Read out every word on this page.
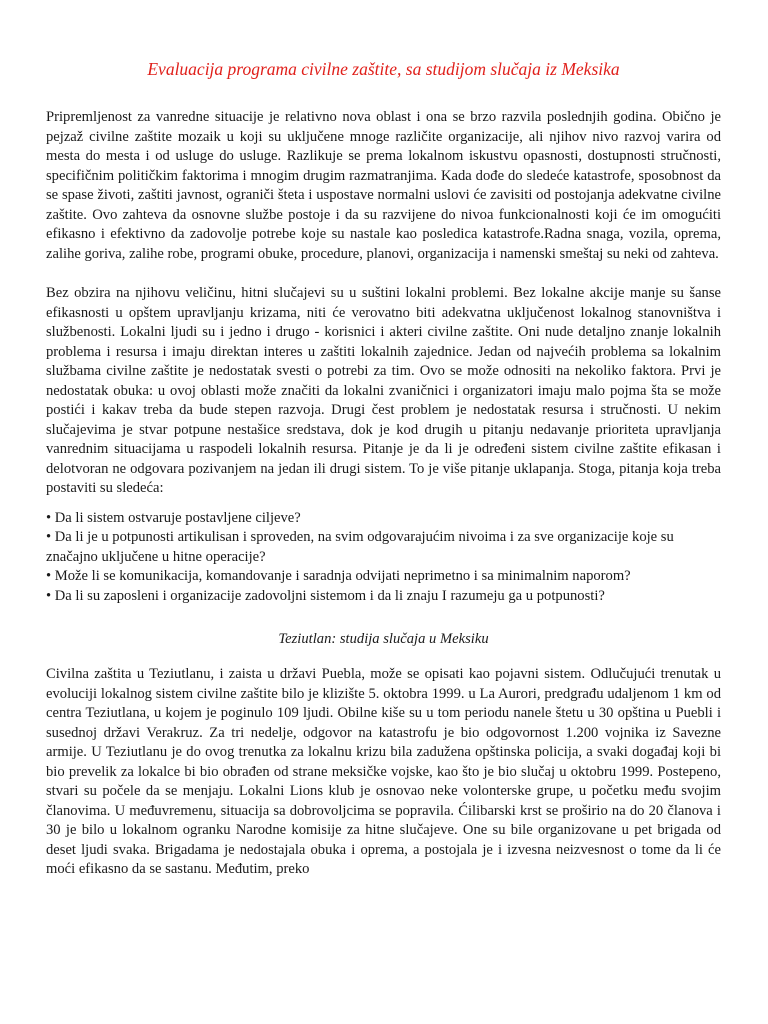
Evaluacija programa civilne zaštite, sa studijom slučaja iz Meksika

Pripremljenost za vanredne situacije je relativno nova oblast i ona se brzo razvila poslednjih godina. Obično je pejzaž civilne zaštite mozaik u koji su uključene mnoge različite organizacije, ali njihov nivo razvoj varira od mesta do mesta i od usluge do usluge. Razlikuje se prema lokalnom iskustvu opasnosti, dostupnosti stručnosti, specifičnim političkim faktorima i mnogim drugim razmatranjima. Kada dođe do sledeće katastrofe, sposobnost da se spase životi, zaštiti javnost, ograniči šteta i uspostave normalni uslovi će zavisiti od postojanja adekvatne civilne zaštite. Ovo zahteva da osnovne službe postoje i da su razvijene do nivoa funkcionalnosti koji će im omogućiti efikasno i efektivno da zadovolje potrebe koje su nastale kao posledica katastrofe.Radna snaga, vozila, oprema, zalihe goriva, zalihe robe, programi obuke, procedure, planovi, organizacija i namenski smeštaj su neki od zahteva.

Bez obzira na njihovu veličinu, hitni slučajevi su u suštini lokalni problemi. Bez lokalne akcije manje su šanse efikasnosti u opštem upravljanju krizama, niti će verovatno biti adekvatna uključenost lokalnog stanovništva i službenosti. Lokalni ljudi su i jedno i drugo - korisnici i akteri civilne zaštite. Oni nude detaljno znanje lokalnih problema i resursa i imaju direktan interes u zaštiti lokalnih zajednice. Jedan od najvećih problema sa lokalnim službama civilne zaštite je nedostatak svesti o potrebi za tim. Ovo se može odnositi na nekoliko faktora. Prvi je nedostatak obuka: u ovoj oblasti može značiti da lokalni zvaničnici i organizatori imaju malo pojma šta se može postići i kakav treba da bude stepen razvoja. Drugi čest problem je nedostatak resursa i stručnosti. U nekim slučajevima je stvar potpune nestašice sredstava, dok je kod drugih u pitanju nedavanje prioriteta upravljanja vanrednim situacijama u raspodeli lokalnih resursa. Pitanje je da li je određeni sistem civilne zaštite efikasan i delotvoran ne odgovara pozivanjem na jedan ili drugi sistem. To je više pitanje uklapanja. Stoga, pitanja koja treba postaviti su sledeća:

• Da li sistem ostvaruje postavljene ciljeve?
• Da li je u potpunosti artikulisan i sproveden, na svim odgovarajućim nivoima i za sve organizacije koje su značajno uključene u hitne operacije?
• Može li se komunikacija, komandovanje i saradnja odvijati neprimetno i sa minimalnim naporom?
• Da li su zaposleni i organizacije zadovoljni sistemom i da li znaju I razumeju ga u potpunosti?
Teziutlan: studija slučaja u Meksiku

Civilna zaštita u Teziutlanu, i zaista u državi Puebla, može se opisati kao pojavni sistem. Odlučujući trenutak u evoluciji lokalnog sistem civilne zaštite bilo je klizište 5. oktobra 1999. u La Aurori, predgrađu udaljenom 1 km od centra Teziutlana, u kojem je poginulo 109 ljudi. Obilne kiše su u tom periodu nanele štetu u 30 opština u Puebli i susednoj državi Verakruz. Za tri nedelje, odgovor na katastrofu je bio odgovornost 1.200 vojnika iz Savezne armije. U Teziutlanu je do ovog trenutka za lokalnu krizu bila zadužena opštinska policija, a svaki događaj koji bi bio prevelik za lokalce bi bio obrađen od strane meksičke vojske, kao što je bio slučaj u oktobru 1999. Postepeno, stvari su počele da se menjaju. Lokalni Lions klub je osnovao neke volonterske grupe, u početku među svojim članovima. U međuvremenu, situacija sa dobrovoljcima se popravila. Ćilibarski krst se proširio na do 20 članova i 30 je bilo u lokalnom ogranku Narodne komisije za hitne slučajeve. One su bile organizovane u pet brigada od deset ljudi svaka. Brigadama je nedostajala obuka i oprema, a postojala je i izvesna neizvesnost o tome da li će moći efikasno da se sastanu. Međutim, preko
